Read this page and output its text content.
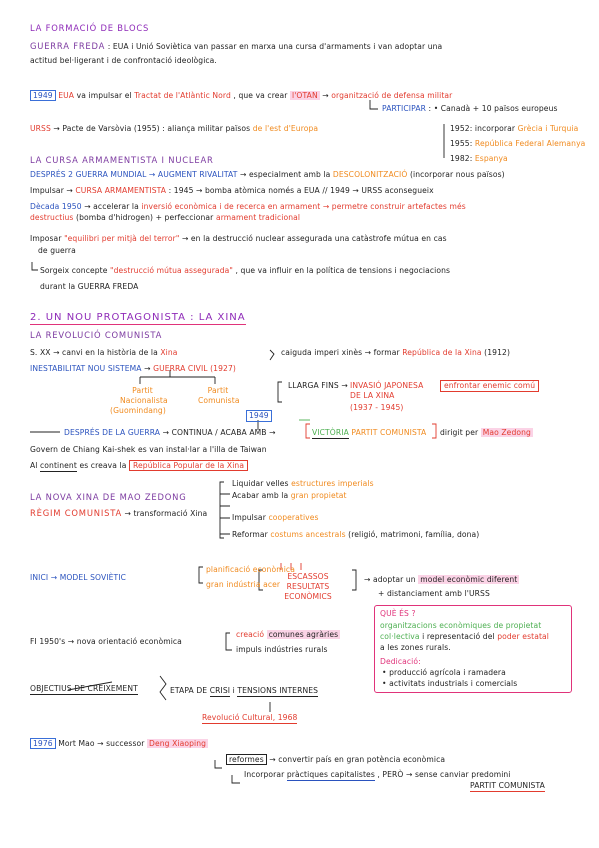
LA FORMACIÓ DE BLOCS
GUERRA FREDA : EUA i Unió Soviètica van passar en marxa una cursa d'armaments i van adoptar una
actitud bel·ligerant i de confrontació ideològica.
1949 EUA va impulsar el Tractat de l'Atlàntic Nord , que va crear l'OTAN → organització de defensa militar
PARTICIPAR : • Canadà + 10 països europeus
URSS → Pacte de Varsòvia (1955) : aliança militar països de l'est d'Europa	1952: incorporar Grècia i Turquia
1955: República Federal Alemanya
1982: Espanya
LA CURSA ARMAMENTISTA I NUCLEAR
DESPRÉS 2 GUERRA MUNDIAL → AUGMENT RIVALITAT → especialment amb la DESCOLONITZACIÓ (incorporar nous països)
Impulsar → CURSA ARMAMENTISTA : 1945 → bomba atòmica només a EUA // 1949 → URSS aconsegueix
Dècada 1950 → accelerar la inversió econòmica i de recerca en armament → permetre construir artefactes més
destructius (bomba d'hidrogen) + perfeccionar armament tradicional
Imposar "equilibri per mitjà del terror" → en la destrucció nuclear assegurada una catàstrofe mútua en cas
de guerra
Sorgeix concepte "destrucció mútua assegurada" , que va influir en la política de tensions i negociacions
durant la GUERRA FREDA
2. UN NOU PROTAGONISTA : LA XINA
LA REVOLUCIÓ COMUNISTA
S. XX → canvi en la història de la Xina	caiguda imperi xinès → formar República de la Xina (1912)
INESTABILITAT NOU SISTEMA → GUERRA CIVIL (1927)
Partit Nacionalista
(Guomindang)
Partit Comunista
LLARGA FINS → INVASIÓ JAPONESA DE LA XINA
(1937 - 1945)
enfrontar enemic comú
1949
DESPRÉS DE LA GUERRA → CONTINUA / ACABA AMB →	VICTÒRIA PARTIT COMUNISTA dirigit per Mao Zedong
Govern de Chiang Kai-shek es van instal·lar a l'illa de Taiwan
Al continent es creava la República Popular de la Xina
LA NOVA XINA DE MAO ZEDONG
RÈGIM COMUNISTA → transformació Xina
Liquidar velles estructures imperials
Acabar amb la gran propietat
Impulsar cooperatives
Reformar costums ancestrals (religió, matrimoni, família, dona)
INICI → MODEL SOVIÈTIC
planificació econòmica
gran indústria acer
ESCASSOS RESULTATS ECONÒMICS
→ adoptar un model econòmic diferent
+ distanciament amb l'URSS
FI 1950's → nova orientació econòmica
creació comunes agràries
impuls indústries rurals
QUÈ ÉS ?
organitzacions econòmiques de propietat
col·lectiva i representació del poder estatal
a les zones rurals.
Dedicació:
• producció agrícola i ramadera
• activitats industrials i comercials
OBJECTIUS DE CREIXEMENT	ETAPA DE CRISI i TENSIONS INTERNES
Revolució Cultural, 1968
1976 Mort Mao → successor Deng Xiaoping
reformes → convertir país en gran potència econòmica
Incorporar pràctiques capitalistes , PERÒ → sense canviar predomini
PARTIT COMUNISTA
